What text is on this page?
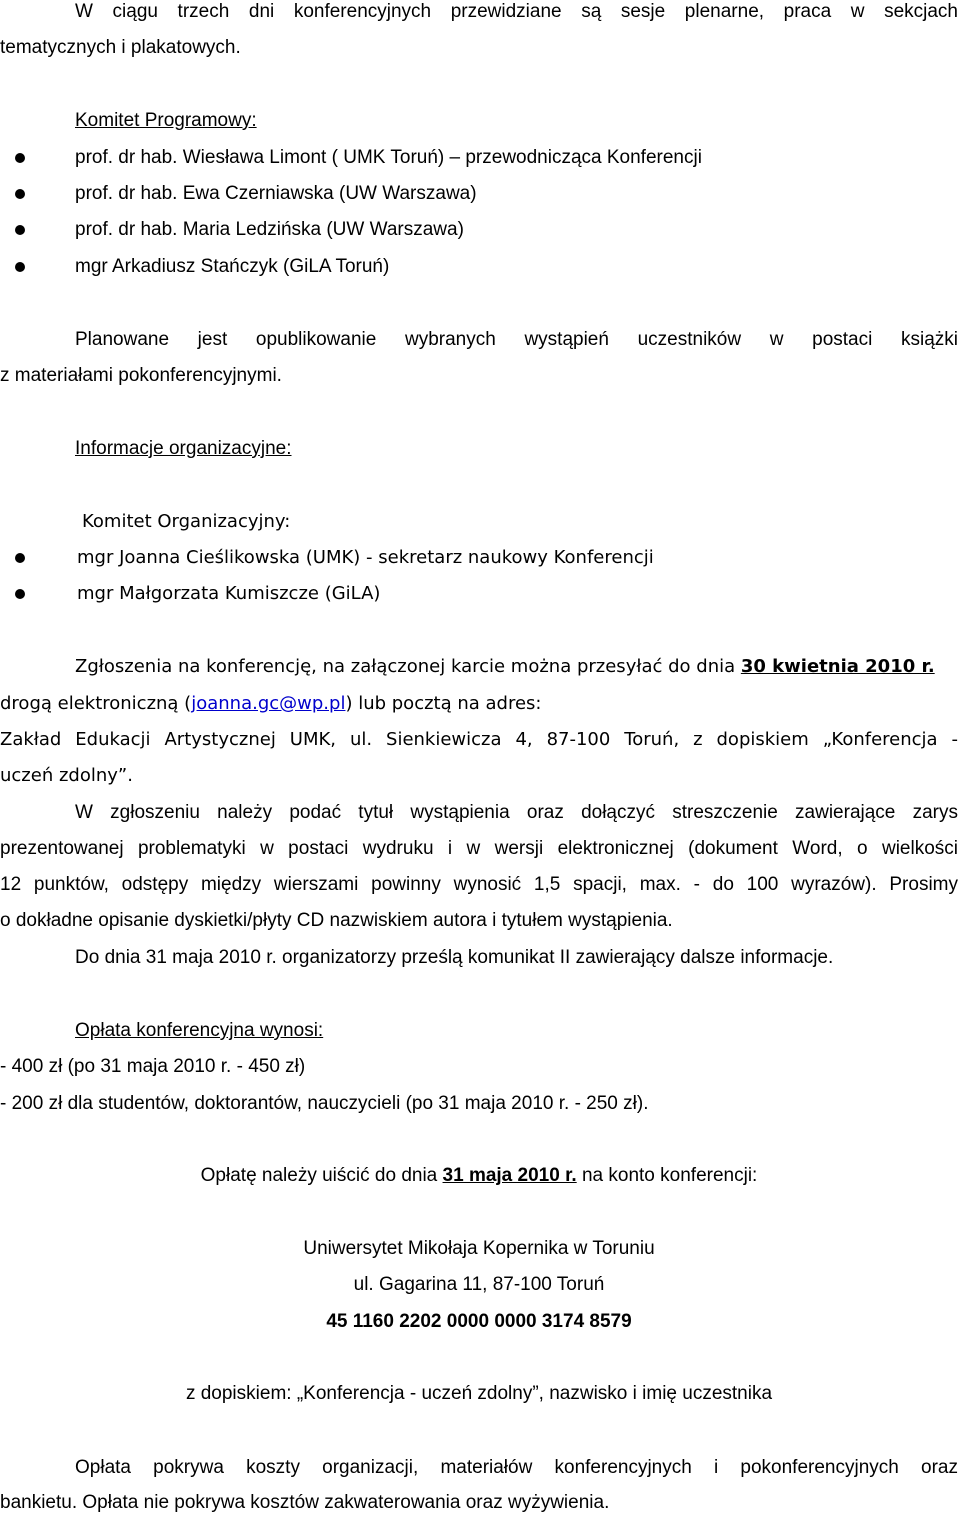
W ciągu trzech dni konferencyjnych przewidziane są sesje plenarne, praca w sekcjach
tematycznych i plakatowych.
Komitet Programowy:
prof. dr hab. Wiesława Limont ( UMK Toruń) – przewodnicząca Konferencji
prof. dr hab. Ewa Czerniawska (UW Warszawa)
prof. dr hab. Maria Ledzińska (UW Warszawa)
mgr Arkadiusz Stańczyk (GiLA Toruń)
Planowane jest opublikowanie wybranych wystąpień uczestników w postaci książki
z materiałami pokonferencyjnymi.
Informacje organizacyjne:
Komitet Organizacyjny:
mgr Joanna Cieślikowska (UMK) - sekretarz naukowy Konferencji
mgr Małgorzata Kumiszcze (GiLA)
Zgłoszenia na konferencję, na załączonej karcie można przesyłać do dnia 30 kwietnia 2010 r.
drogą elektroniczną (joanna.gc@wp.pl) lub pocztą na adres:
Zakład Edukacji Artystycznej UMK, ul. Sienkiewicza 4, 87-100 Toruń, z dopiskiem „Konferencja -
uczeń zdolny”.
W zgłoszeniu należy podać tytuł wystąpienia oraz dołączyć streszczenie zawierające zarys
prezentowanej problematyki w postaci wydruku i w wersji elektronicznej (dokument Word, o wielkości
12 punktów, odstępy między wierszami powinny wynosić 1,5 spacji, max. - do 100 wyrazów). Prosimy
o dokładne opisanie dyskietki/płyty CD nazwiskiem autora i tytułem wystąpienia.
Do dnia 31 maja 2010 r. organizatorzy prześlą komunikat II zawierający dalsze informacje.
Opłata konferencyjna wynosi:
- 400 zł (po 31 maja 2010 r. - 450 zł)
- 200 zł dla studentów, doktorantów, nauczycieli (po 31 maja 2010 r. - 250 zł).
Opłatę należy uiścić do dnia 31 maja 2010 r. na konto konferencji:
Uniwersytet Mikołaja Kopernika w Toruniu
ul. Gagarina 11, 87-100 Toruń
45 1160 2202 0000 0000 3174 8579
z dopiskiem: „Konferencja - uczeń zdolny”, nazwisko i imię uczestnika
Opłata pokrywa koszty organizacji, materiałów konferencyjnych i pokonferencyjnych oraz
bankietu. Opłata nie pokrywa kosztów zakwaterowania oraz wyżywienia.
